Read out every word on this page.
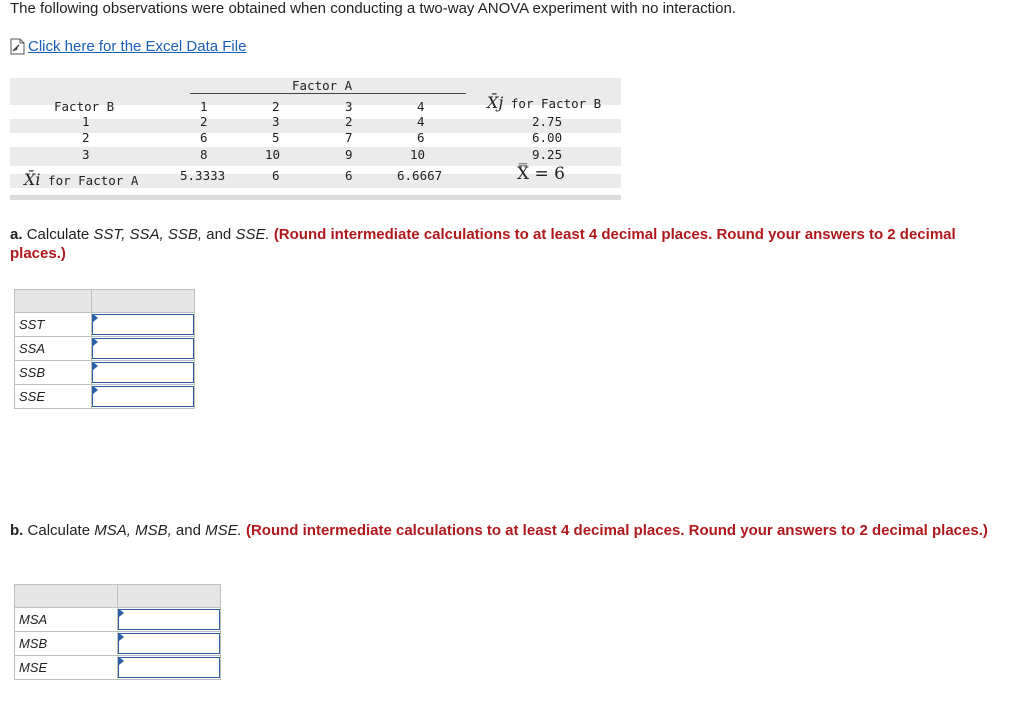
The following observations were obtained when conducting a two-way ANOVA experiment with no interaction.
Click here for the Excel Data File
Factor A
Factor B	1	2	3	4	X̄j for Factor B
1	2	3	2	4	2.75
2	6	5	7	6	6.00
3	8	10	9	10	9.25
X̄i for Factor A	5.3333	6	6	6.6667	X̿ = 6
a. Calculate SST, SSA, SSB, and SSE. (Round intermediate calculations to at least 4 decimal places. Round your answers to 2 decimal places.)

SST	

SSA	

SSB	

SSE	
b. Calculate MSA, MSB, and MSE. (Round intermediate calculations to at least 4 decimal places. Round your answers to 2 decimal places.)

MSA	

MSB	

MSE	
